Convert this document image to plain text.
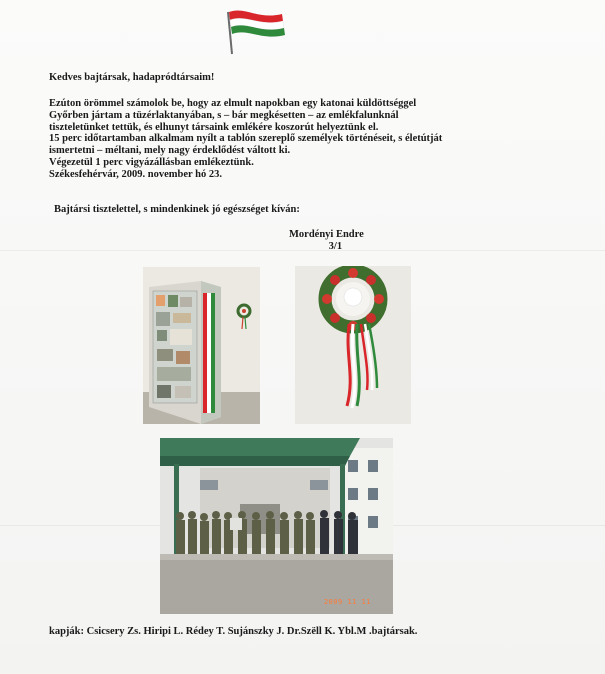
Kedves bajtársak, hadapródtársaim!
Ezúton örömmel számolok be, hogy az elmult napokban egy katonai küldöttséggel
Győrben jártam a tüzérlaktanyában, s – bár megkésetten – az emlékfalunknál
tiszteletünket tettük, és elhunyt társaink emlékére koszorút helyeztünk el.
15 perc időtartamban alkalmam nyílt a tablón szereplő személyek történéseit, s életútját
ismertetni – méltani, mely nagy érdeklődést váltott ki.
Végezetül 1 perc vigyázállásban emlékeztünk.
Székesfehérvár, 2009. november hó 23.
Bajtársi tisztelettel, s mindenkinek jó egészséget kíván:
Mordényi Endre
3/1
2009 11 11
kapják: Csicsery Zs. Hiripi L. Rédey T. Sujánszky J. Dr.Szëll K. Ybl.M .bajtársak.
